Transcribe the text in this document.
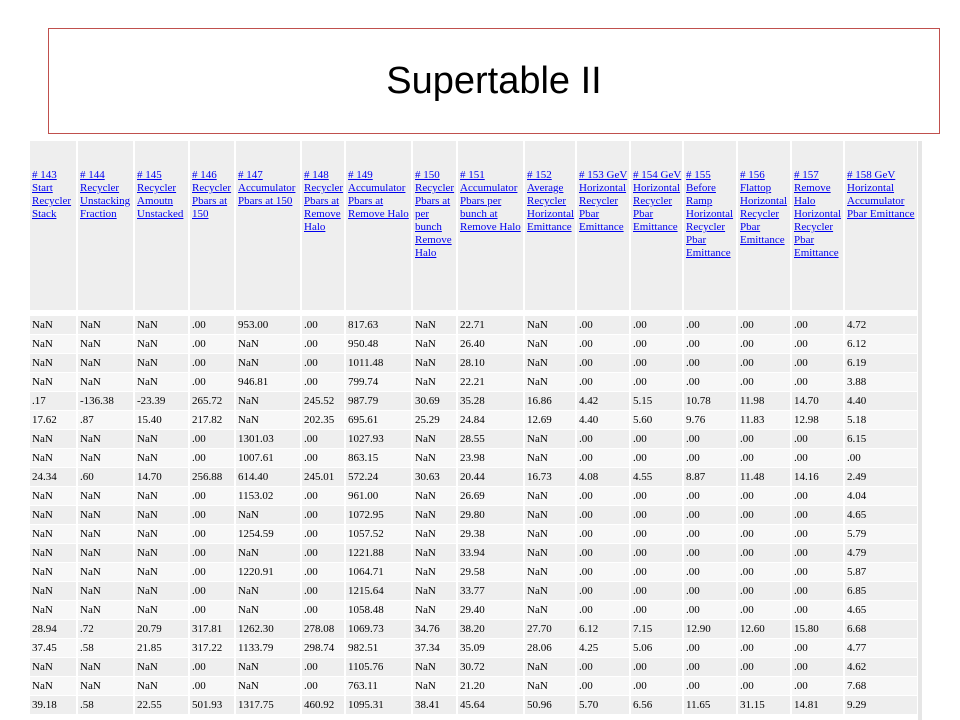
Supertable II
# 143 Start Recycler Stack	# 144 Recycler Unstacking Fraction	# 145 Recycler Amoutn Unstacked	# 146 Recycler Pbars at 150	# 147 Accumulator Pbars at 150	# 148 Recycler Pbars at Remove Halo	# 149 Accumulator Pbars at Remove Halo	# 150 Recycler Pbars at per bunch Remove Halo	# 151 Accumulator Pbars per bunch at Remove Halo	# 152 Average Recycler Horizontal Emittance	# 153 GeV Horizontal Recycler Pbar Emittance	# 154 GeV Horizontal Recycler Pbar Emittance	# 155 Before Ramp Horizontal Recycler Pbar Emittance	# 156 Flattop Horizontal Recycler Pbar Emittance	# 157 Remove Halo Horizontal Recycler Pbar Emittance	# 158 GeV Horizontal Accumulator Pbar Emittance
NaN	NaN	NaN	.00	953.00	.00	817.63	NaN	22.71	NaN	.00	.00	.00	.00	.00	4.72
NaN	NaN	NaN	.00	NaN	.00	950.48	NaN	26.40	NaN	.00	.00	.00	.00	.00	6.12
NaN	NaN	NaN	.00	NaN	.00	1011.48	NaN	28.10	NaN	.00	.00	.00	.00	.00	6.19
NaN	NaN	NaN	.00	946.81	.00	799.74	NaN	22.21	NaN	.00	.00	.00	.00	.00	3.88
.17	-136.38	-23.39	265.72	NaN	245.52	987.79	30.69	35.28	16.86	4.42	5.15	10.78	11.98	14.70	4.40
17.62	.87	15.40	217.82	NaN	202.35	695.61	25.29	24.84	12.69	4.40	5.60	9.76	11.83	12.98	5.18
NaN	NaN	NaN	.00	1301.03	.00	1027.93	NaN	28.55	NaN	.00	.00	.00	.00	.00	6.15
NaN	NaN	NaN	.00	1007.61	.00	863.15	NaN	23.98	NaN	.00	.00	.00	.00	.00	.00
24.34	.60	14.70	256.88	614.40	245.01	572.24	30.63	20.44	16.73	4.08	4.55	8.87	11.48	14.16	2.49
NaN	NaN	NaN	.00	1153.02	.00	961.00	NaN	26.69	NaN	.00	.00	.00	.00	.00	4.04
NaN	NaN	NaN	.00	NaN	.00	1072.95	NaN	29.80	NaN	.00	.00	.00	.00	.00	4.65
NaN	NaN	NaN	.00	1254.59	.00	1057.52	NaN	29.38	NaN	.00	.00	.00	.00	.00	5.79
NaN	NaN	NaN	.00	NaN	.00	1221.88	NaN	33.94	NaN	.00	.00	.00	.00	.00	4.79
NaN	NaN	NaN	.00	1220.91	.00	1064.71	NaN	29.58	NaN	.00	.00	.00	.00	.00	5.87
NaN	NaN	NaN	.00	NaN	.00	1215.64	NaN	33.77	NaN	.00	.00	.00	.00	.00	6.85
NaN	NaN	NaN	.00	NaN	.00	1058.48	NaN	29.40	NaN	.00	.00	.00	.00	.00	4.65
28.94	.72	20.79	317.81	1262.30	278.08	1069.73	34.76	38.20	27.70	6.12	7.15	12.90	12.60	15.80	6.68
37.45	.58	21.85	317.22	1133.79	298.74	982.51	37.34	35.09	28.06	4.25	5.06	.00	.00	.00	4.77
NaN	NaN	NaN	.00	NaN	.00	1105.76	NaN	30.72	NaN	.00	.00	.00	.00	.00	4.62
NaN	NaN	NaN	.00	NaN	.00	763.11	NaN	21.20	NaN	.00	.00	.00	.00	.00	7.68
39.18	.58	22.55	501.93	1317.75	460.92	1095.31	38.41	45.64	50.96	5.70	6.56	11.65	31.15	14.81	9.29
